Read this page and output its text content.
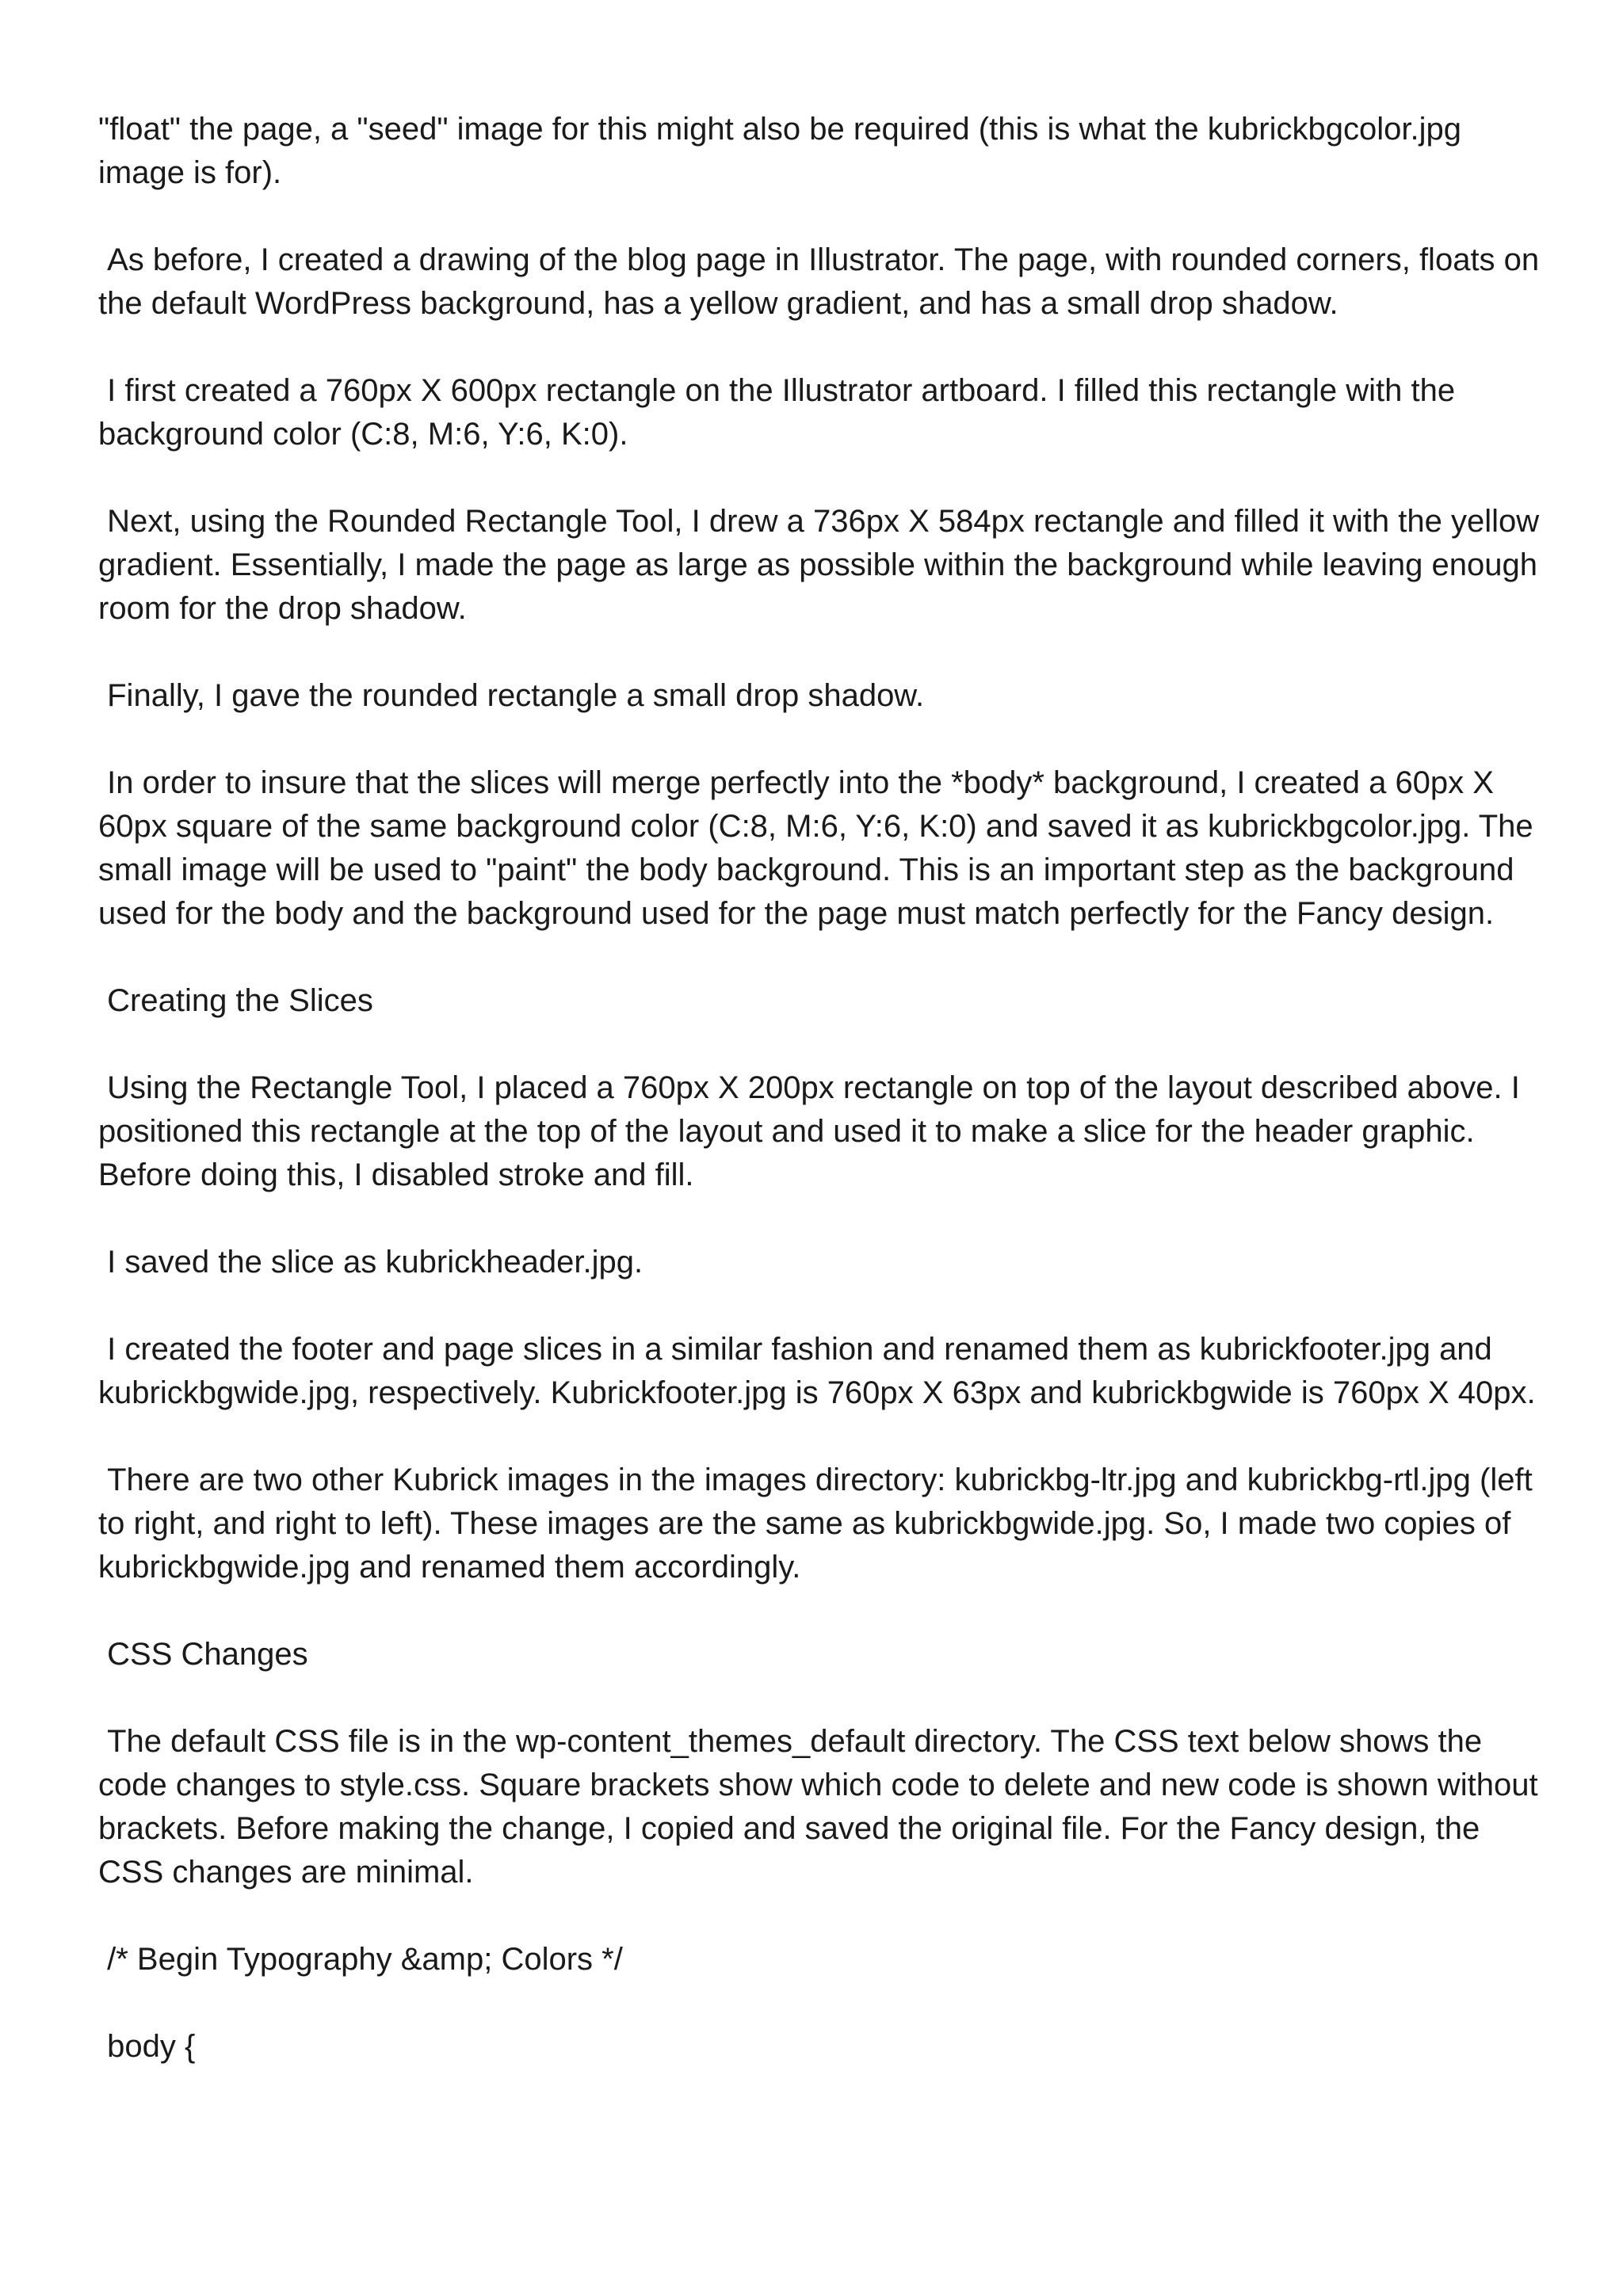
"float" the page, a "seed" image for this might also be required (this is what the kubrickbgcolor.jpg image is for).

As before, I created a drawing of the blog page in Illustrator. The page, with rounded corners, floats on the default WordPress background, has a yellow gradient, and has a small drop shadow.

I first created a 760px X 600px rectangle on the Illustrator artboard. I filled this rectangle with the background color (C:8, M:6, Y:6, K:0).

Next, using the Rounded Rectangle Tool, I drew a 736px X 584px rectangle and filled it with the yellow gradient. Essentially, I made the page as large as possible within the background while leaving enough room for the drop shadow.

Finally, I gave the rounded rectangle a small drop shadow.

In order to insure that the slices will merge perfectly into the *body* background, I created a 60px X 60px square of the same background color (C:8, M:6, Y:6, K:0) and saved it as kubrickbgcolor.jpg. The small image will be used to "paint" the body background. This is an important step as the background used for the body and the background used for the page must match perfectly for the Fancy design.

Creating the Slices

Using the Rectangle Tool, I placed a 760px X 200px rectangle on top of the layout described above. I positioned this rectangle at the top of the layout and used it to make a slice for the header graphic. Before doing this, I disabled stroke and fill.

I saved the slice as kubrickheader.jpg.

I created the footer and page slices in a similar fashion and renamed them as kubrickfooter.jpg and kubrickbgwide.jpg, respectively. Kubrickfooter.jpg is 760px X 63px and kubrickbgwide is 760px X 40px.

There are two other Kubrick images in the images directory: kubrickbg-ltr.jpg and kubrickbg-rtl.jpg (left to right, and right to left). These images are the same as kubrickbgwide.jpg. So, I made two copies of kubrickbgwide.jpg and renamed them accordingly.

CSS Changes

The default CSS file is in the wp-content_themes_default directory. The CSS text below shows the code changes to style.css. Square brackets show which code to delete and new code is shown without brackets. Before making the change, I copied and saved the original file. For the Fancy design, the CSS changes are minimal.

/* Begin Typography &amp; Colors */

body {
